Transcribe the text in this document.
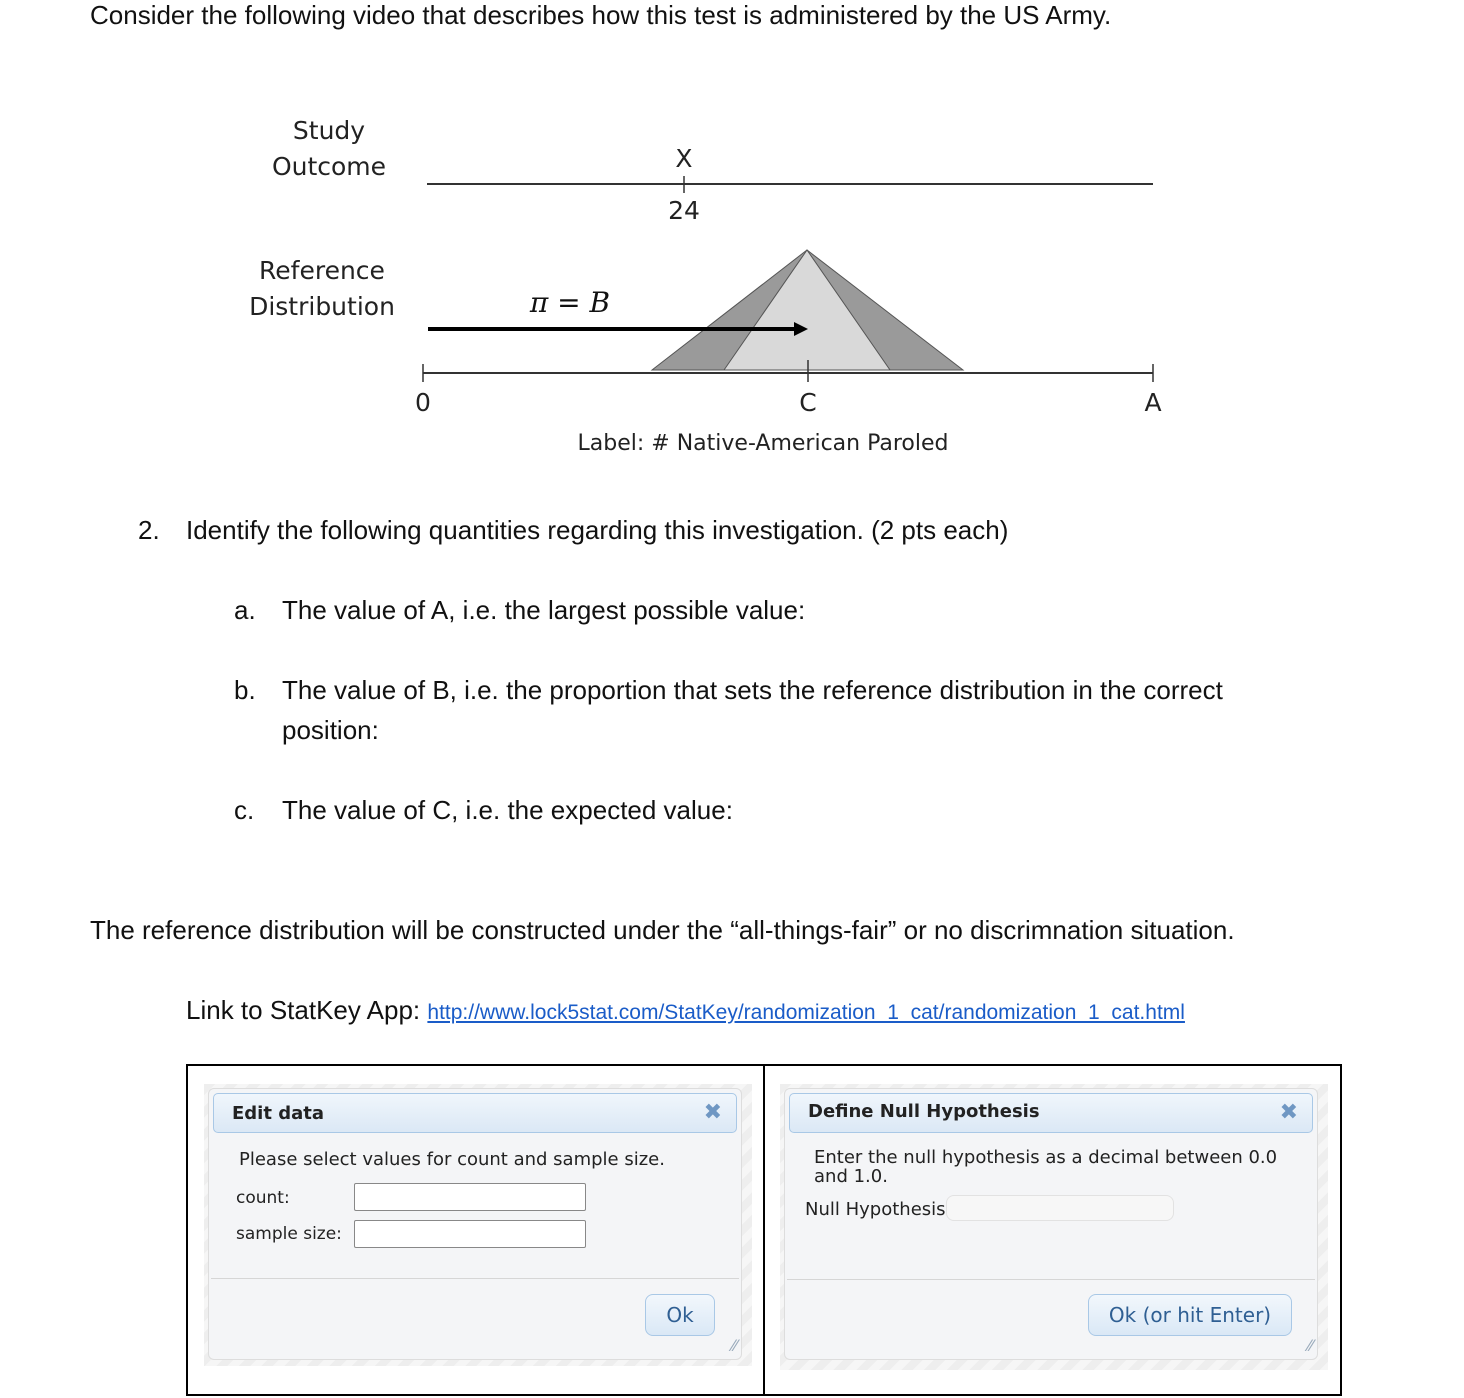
Consider the following video that describes how this test is administered by the US Army.
Study
Outcome
Reference
Distribution
X
24
π = B
0	C	A
Label: # Native-American Paroled
2. Identify the following quantities regarding this investigation. (2 pts each)
a. The value of A, i.e. the largest possible value:
b. The value of B, i.e. the proportion that sets the reference distribution in the correct
position:
c. The value of C, i.e. the expected value:
The reference distribution will be constructed under the “all-things-fair” or no discrimnation situation.
Link to StatKey App: http://www.lock5stat.com/StatKey/randomization_1_cat/randomization_1_cat.html
Edit data	✖
Please select values for count and sample size.
count:
sample size:
Ok
⁄⁄
Define Null Hypothesis	✖
Enter the null hypothesis as a decimal between 0.0
and 1.0.
Null Hypothesis
Ok (or hit Enter)
⁄⁄
